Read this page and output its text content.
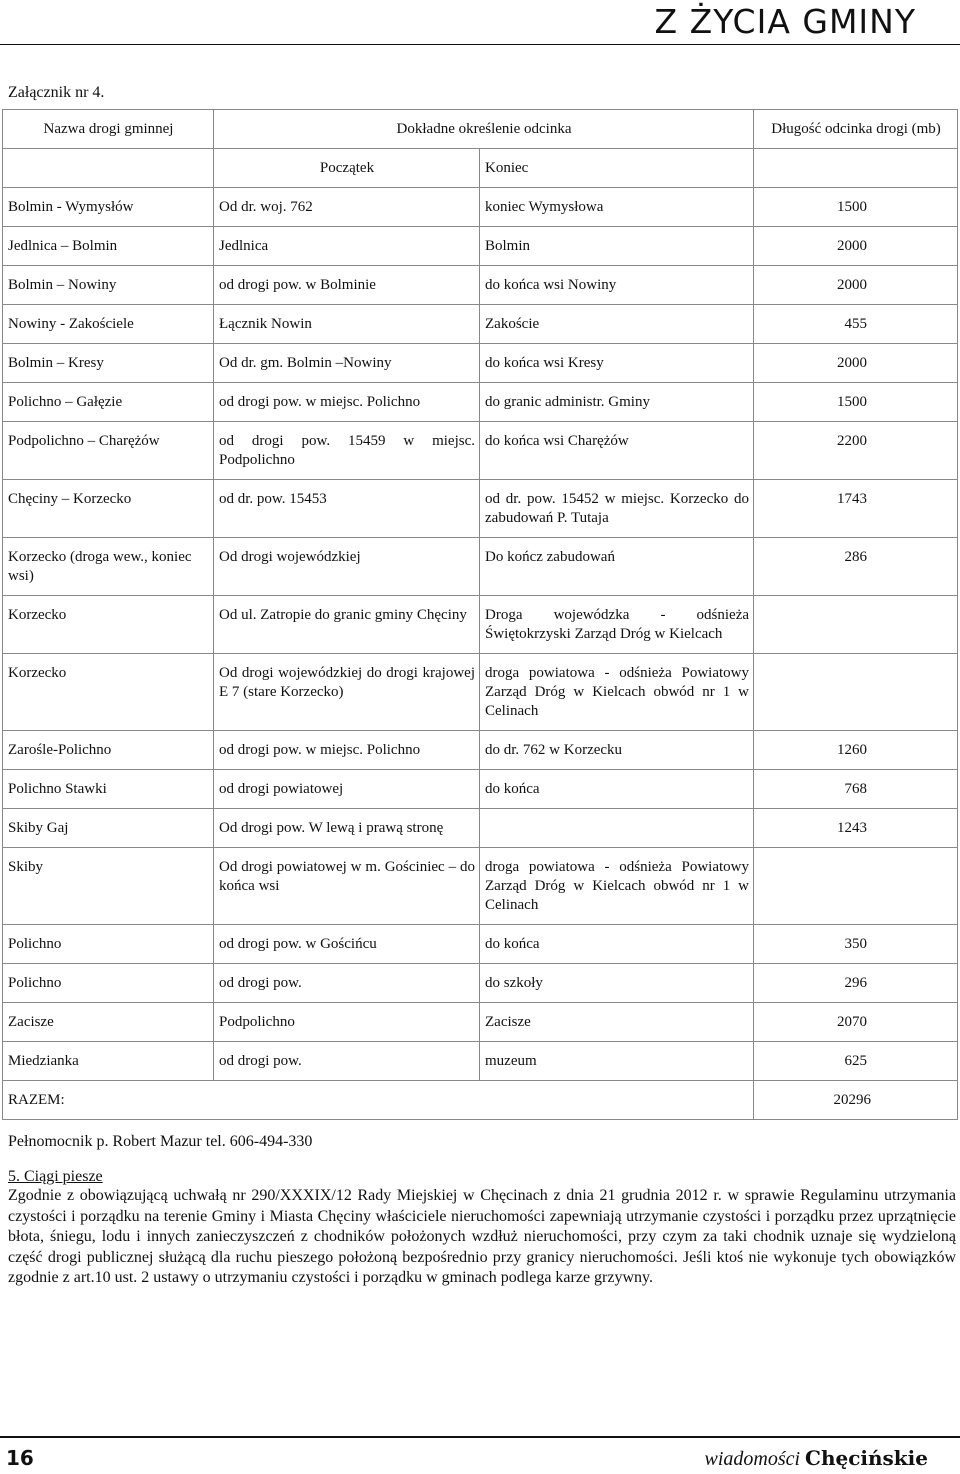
Z ŻYCIA GMINY
Załącznik nr 4.
Nazwa drogi gminnej	Dokładne określenie odcinka		Długość odcinka drogi (mb)
	Początek	Koniec	
Bolmin - Wymysłów	Od dr. woj. 762	koniec Wymysłowa	1500
Jedlnica – Bolmin	Jedlnica	Bolmin	2000
Bolmin – Nowiny	od drogi pow. w Bolminie	do końca wsi Nowiny	2000
Nowiny - Zakościele	Łącznik Nowin	Zakoście	455
Bolmin – Kresy	Od dr. gm. Bolmin –Nowiny	do końca wsi Kresy	2000
Polichno – Gałęzie	od drogi pow. w miejsc. Polichno	do granic administr. Gminy	1500
Podpolichno – Charężów	od drogi pow. 15459 w miejsc. Podpolichno	do końca wsi Charężów	2200
Chęciny – Korzecko	od dr. pow. 15453	od dr. pow. 15452 w miejsc. Korzecko do zabudowań P. Tutaja	1743
Korzecko (droga wew., koniec wsi)	Od drogi wojewódzkiej	Do kończ zabudowań	286
Korzecko	Od ul. Zatropie do granic gminy Chęciny	Droga wojewódzka - odśnieża Świętokrzyski Zarząd Dróg w Kielcach	
Korzecko	Od drogi wojewódzkiej do drogi krajowej E 7 (stare Korzecko)	droga powiatowa - odśnieża Powiatowy Zarząd Dróg w Kielcach obwód nr 1 w Celinach	
Zarośle-Polichno	od drogi pow. w miejsc. Polichno	do dr. 762 w Korzecku	1260
Polichno Stawki	od drogi powiatowej	do końca	768
Skiby Gaj	Od drogi pow. W lewą i prawą stronę		1243
Skiby	Od drogi powiatowej w m. Gościniec – do końca wsi	droga powiatowa - odśnieża Powiatowy Zarząd Dróg w Kielcach obwód nr 1 w Celinach	
Polichno	od drogi pow. w Gościńcu	do końca	350
Polichno	od drogi pow.	do szkoły	296
Zacisze	Podpolichno	Zacisze	2070
Miedzianka	od drogi pow.	muzeum	625
RAZEM:			20296
Pełnomocnik p. Robert Mazur tel. 606-494-330
5. Ciągi piesze
Zgodnie z obowiązującą uchwałą nr 290/XXXIX/12 Rady Miejskiej w Chęcinach z dnia 21 grudnia 2012 r. w sprawie Regulaminu utrzymania czystości i porządku na terenie Gminy i Miasta Chęciny właściciele nieruchomości zapewniają utrzymanie czystości i porządku przez uprzątnięcie błota, śniegu, lodu i innych zanieczyszczeń z chodników położonych wzdłuż nieruchomości, przy czym za taki chodnik uznaje się wydzieloną część drogi publicznej służącą dla ruchu pieszego położoną bezpośrednio przy granicy nieruchomości. Jeśli ktoś nie wykonuje tych obowiązków zgodnie z art.10 ust. 2 ustawy o utrzymaniu czystości i porządku w gminach podlega karze grzywny.
16	wiadomości Chęcińskie
